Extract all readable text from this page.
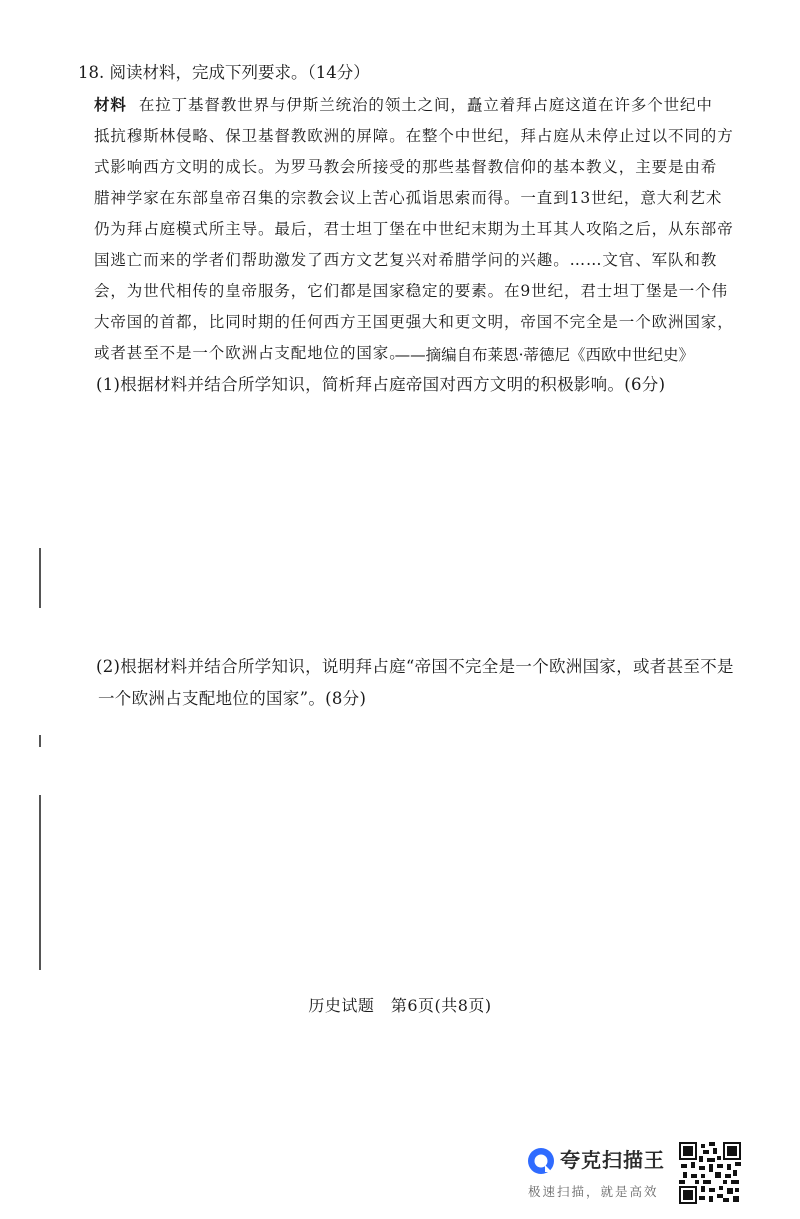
18. 阅读材料，完成下列要求。（14分）
材料 在拉丁基督教世界与伊斯兰统治的领土之间，矗立着拜占庭这道在许多个世纪中
抵抗穆斯林侵略、保卫基督教欧洲的屏障。在整个中世纪，拜占庭从未停止过以不同的方
式影响西方文明的成长。为罗马教会所接受的那些基督教信仰的基本教义，主要是由希
腊神学家在东部皇帝召集的宗教会议上苦心孤诣思索而得。一直到13世纪，意大利艺术
仍为拜占庭模式所主导。最后，君士坦丁堡在中世纪末期为土耳其人攻陷之后，从东部帝
国逃亡而来的学者们帮助激发了西方文艺复兴对希腊学问的兴趣。……文官、军队和教
会，为世代相传的皇帝服务，它们都是国家稳定的要素。在9世纪，君士坦丁堡是一个伟
大帝国的首都，比同时期的任何西方王国更强大和更文明，帝国不完全是一个欧洲国家，
或者甚至不是一个欧洲占支配地位的国家。
——摘编自布莱恩·蒂德尼《西欧中世纪史》
(1)根据材料并结合所学知识，简析拜占庭帝国对西方文明的积极影响。(6分)
(2)根据材料并结合所学知识，说明拜占庭“帝国不完全是一个欧洲国家，或者甚至不是
一个欧洲占支配地位的国家”。(8分)
历史试题　第6页(共8页)
夸克扫描王
极速扫描，就是高效
